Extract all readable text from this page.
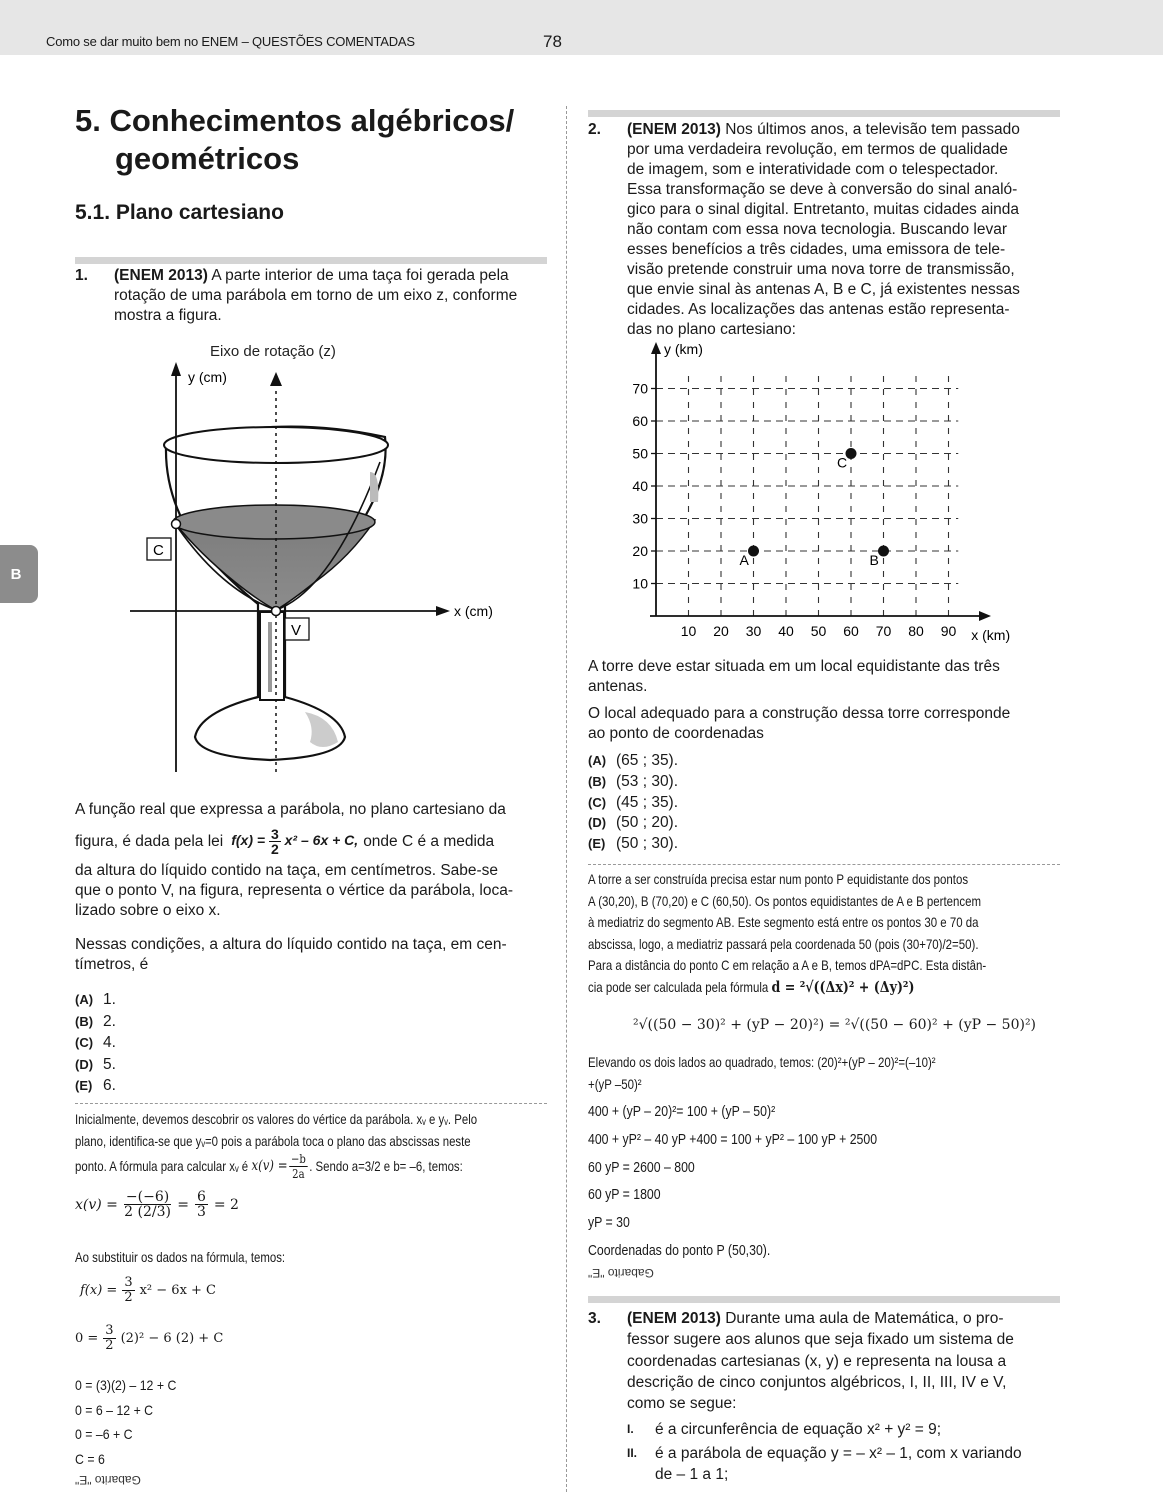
Como se dar muito bem no ENEM – QUESTÕES COMENTADAS	78
B
5. Conhecimentos algébricos/
geométricos
5.1. Plano cartesiano
1.	(ENEM 2013) A parte interior de uma taça foi gerada pela
rotação de uma parábola em torno de um eixo z, conforme
mostra a figura.
y (cm)
Eixo de rotação (z)
x (cm)
C
V
A função real que expressa a parábola, no plano cartesiano da
figura, é dada pela lei $f(x) = \frac{3}{2} x^2 - 6x + C$, onde C é a medida
da altura do líquido contido na taça, em centímetros. Sabe-se
que o ponto V, na figura, representa o vértice da parábola, loca-
lizado sobre o eixo x.
Nessas condições, a altura do líquido contido na taça, em cen-
tímetros, é
(A) 1.
(B) 2.
(C) 4.
(D) 5.
(E) 6.
Inicialmente, devemos descobrir os valores do vértice da parábola. xᵥ e yᵥ. Pelo
plano, identifica-se que yᵥ=0 pois a parábola toca o plano das abscissas neste
ponto. A fórmula para calcular xᵥ é $x(v) = \frac{-b}{2a}$ . Sendo a=3/2 e b= –6, temos:
$x(v) = \frac{-(-6)}{2 (2/3)} = \frac{6}{3} = 2$
Ao substituir os dados na fórmula, temos:
$f(x) = \frac{3}{2} x^2 - 6x + C$
$0 = \frac{3}{2} (2)^2 - 6$ (2) + C
0 = (3)(2) – 12 + C
0 = 6 – 12 + C
0 = –6 + C
C = 6
Gabarito "E"
2.	(ENEM 2013) Nos últimos anos, a televisão tem passado
por uma verdadeira revolução, em termos de qualidade
de imagem, som e interatividade com o telespectador.
Essa transformação se deve à conversão do sinal analó-
gico para o sinal digital. Entretanto, muitas cidades ainda
não contam com essa nova tecnologia. Buscando levar
esses benefícios a três cidades, uma emissora de tele-
visão pretende construir uma nova torre de transmissão,
que envie sinal às antenas A, B e C, já existentes nessas
cidades. As localizações das antenas estão representa-
das no plano cartesiano:
10 20 30 40 50 60 70 80 90
10
20
30
40
50
60
70
A	B
C
y (km)
x (km)
A torre deve estar situada em um local equidistante das três
antenas.
O local adequado para a construção dessa torre corresponde
ao ponto de coordenadas
(A) (65 ; 35).
(B) (53 ; 30).
(C) (45 ; 35).
(D) (50 ; 20).
(E) (50 ; 30).
A torre a ser construída precisa estar num ponto P equidistante dos pontos
A (30,20), B (70,20) e C (60,50). Os pontos equidistantes de A e B pertencem
à mediatriz do segmento AB. Este segmento está entre os pontos 30 e 70 da
abscissa, logo, a mediatriz passará pela coordenada 50 (pois (30+70)/2=50).
Para a distância do ponto C em relação a A e B, temos dPA=dPC. Esta distân-
cia pode ser calculada pela fórmula d = ²√((Δx)² + (Δy)²)
²√((50 − 30)² + (yP − 20)²) = ²√((50 − 60)² + (yP − 50)²)
Elevando os dois lados ao quadrado, temos: (20)²+(yP – 20)²=(–10)²
+(yP –50)²
400 + (yP – 20)²= 100 + (yP – 50)²
400 + yP² – 40 yP +400 = 100 + yP² – 100 yP + 2500
60 yP = 2600 – 800
60 yP = 1800
yP = 30
Coordenadas do ponto P (50,30).
Gabarito "E"
3.	(ENEM 2013) Durante uma aula de Matemática, o pro-
fessor sugere aos alunos que seja fixado um sistema de
coordenadas cartesianas (x, y) e representa na lousa a
descrição de cinco conjuntos algébricos, I, II, III, IV e V,
como se segue:
I.	é a circunferência de equação x² + y² = 9;
II.	é a parábola de equação y = – x² – 1, com x variando
de – 1 a 1;
